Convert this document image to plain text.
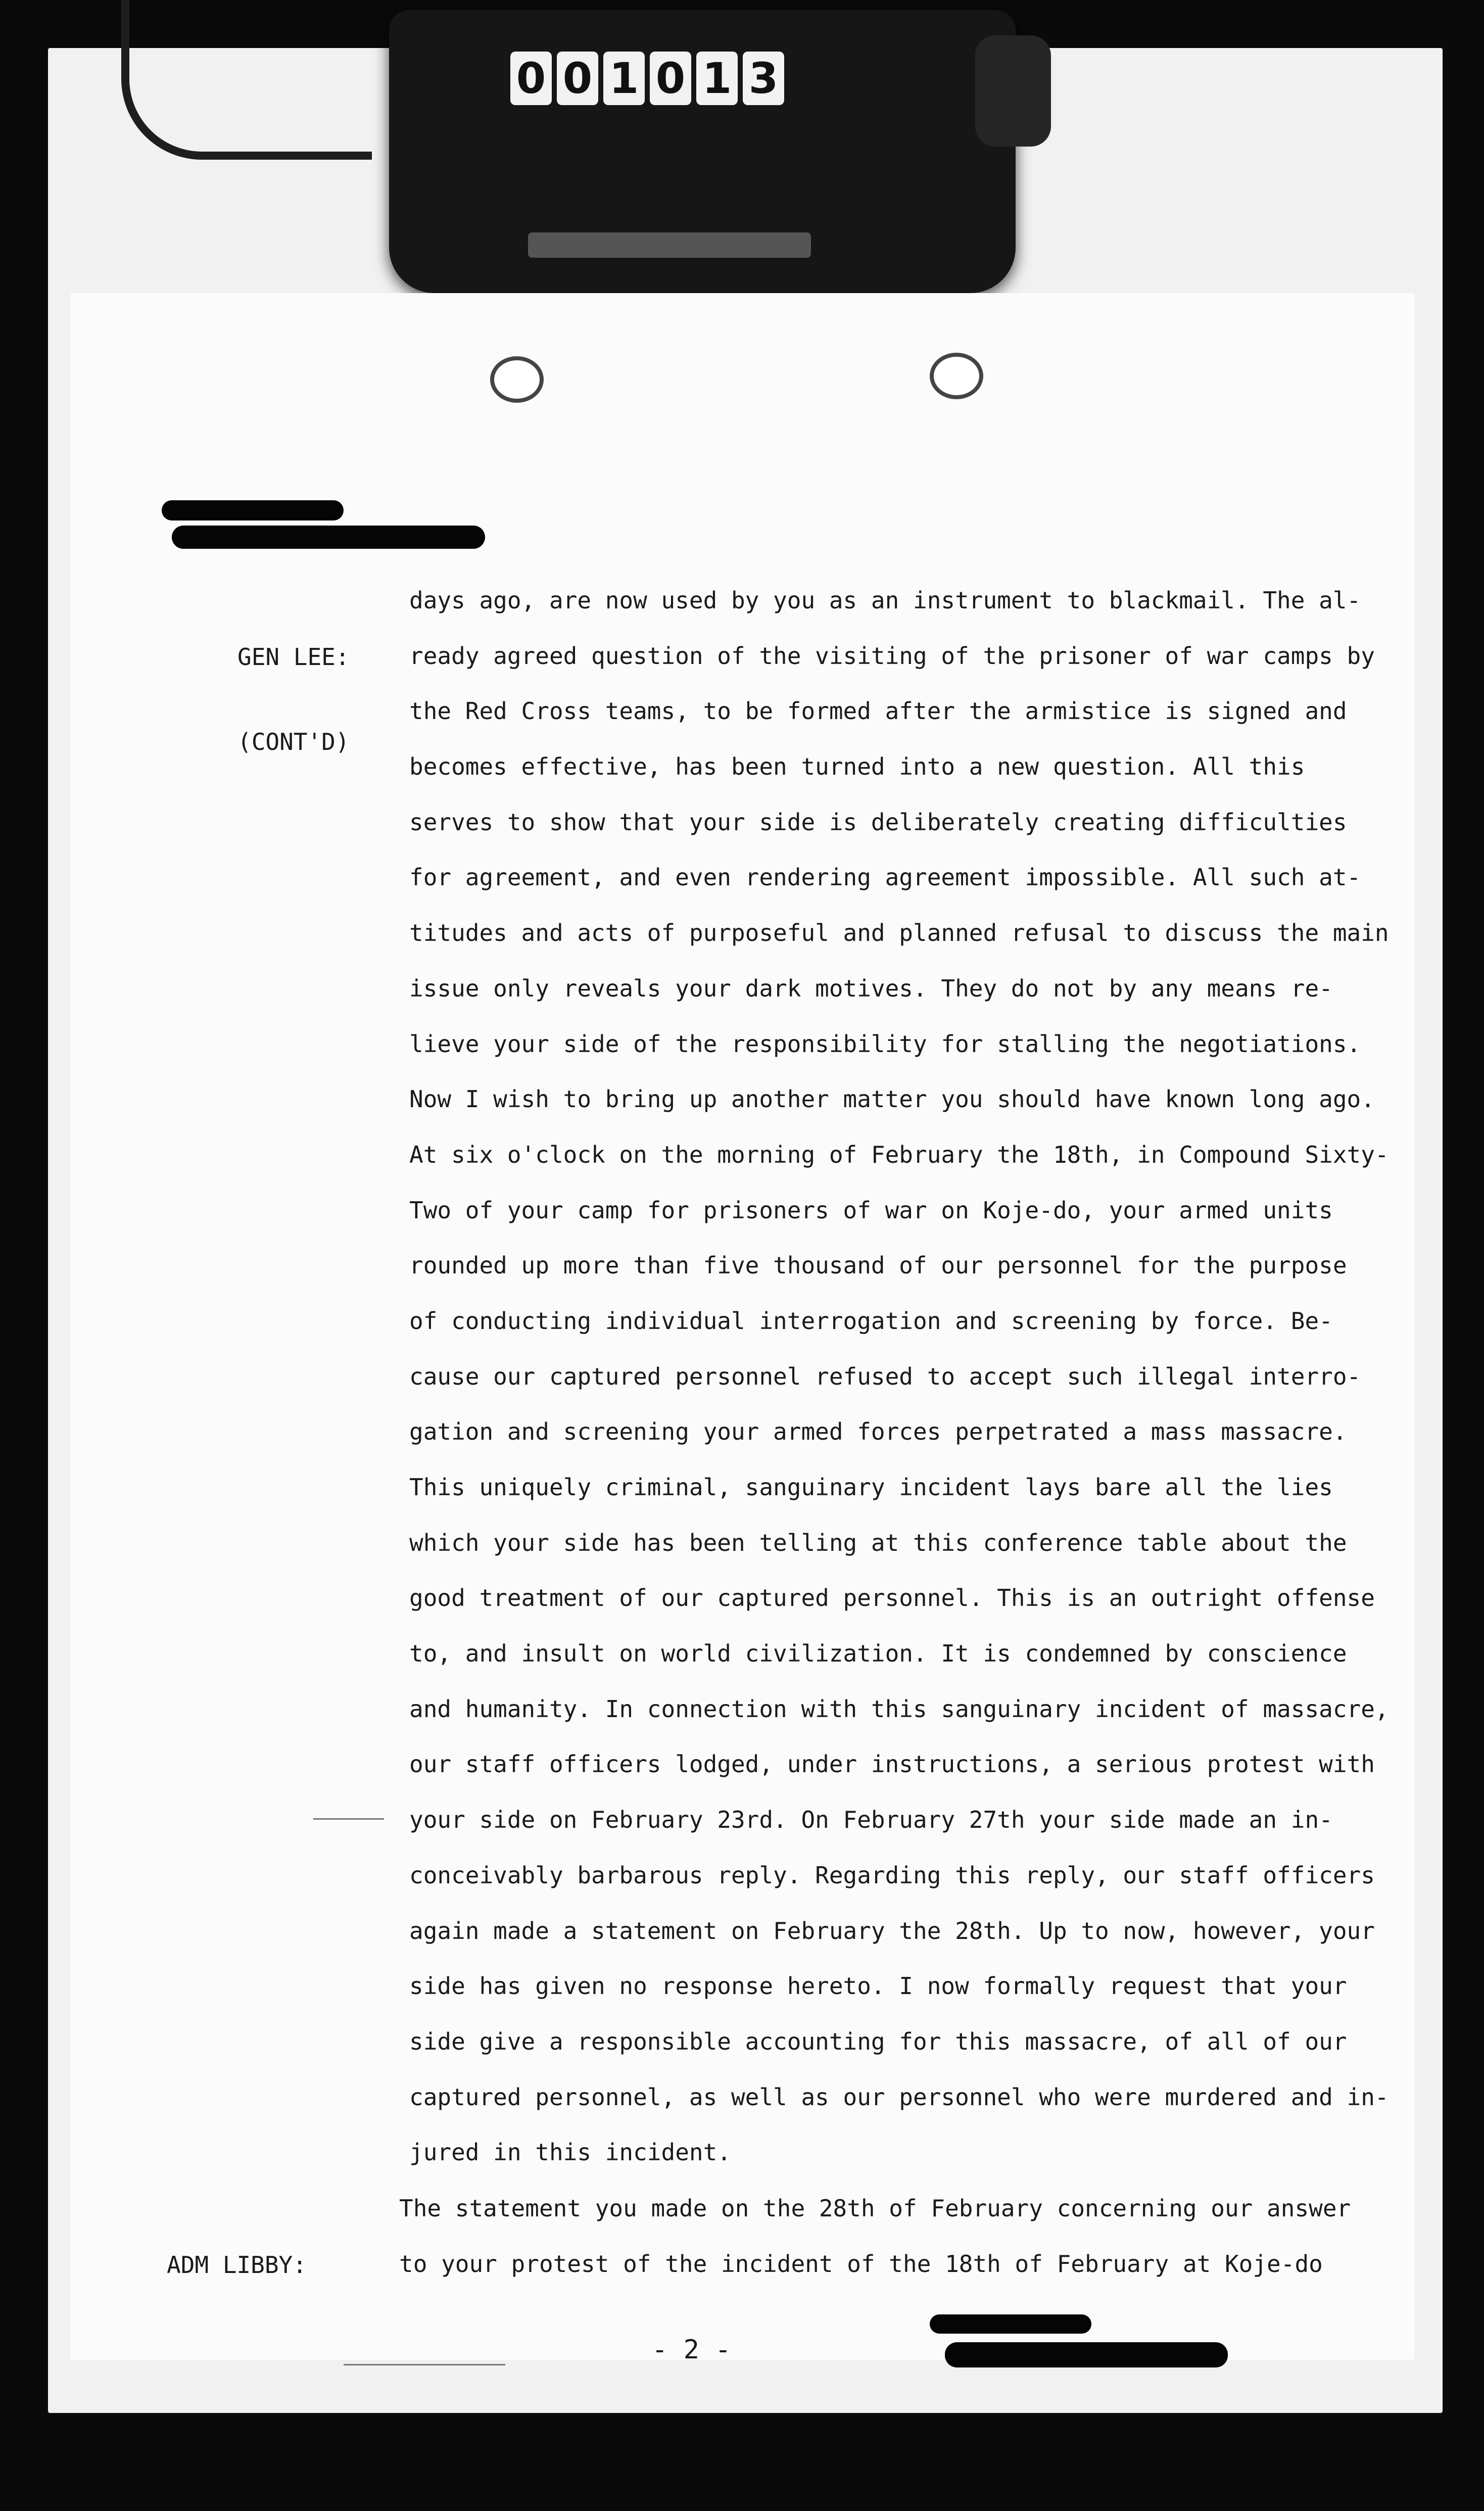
0 0 1 0 1 3

GEN LEE:

(CONT'D)

days ago, are now used by you as an instrument to blackmail. The al-
ready agreed question of the visiting of the prisoner of war camps by
the Red Cross teams, to be formed after the armistice is signed and
becomes effective, has been turned into a new question. All this
serves to show that your side is deliberately creating difficulties
for agreement, and even rendering agreement impossible. All such at-
titudes and acts of purposeful and planned refusal to discuss the main
issue only reveals your dark motives. They do not by any means re-
lieve your side of the responsibility for stalling the negotiations.
Now I wish to bring up another matter you should have known long ago.
At six o'clock on the morning of February the 18th, in Compound Sixty-
Two of your camp for prisoners of war on Koje-do, your armed units
rounded up more than five thousand of our personnel for the purpose
of conducting individual interrogation and screening by force. Be-
cause our captured personnel refused to accept such illegal interro-
gation and screening your armed forces perpetrated a mass massacre.
This uniquely criminal, sanguinary incident lays bare all the lies
which your side has been telling at this conference table about the
good treatment of our captured personnel. This is an outright offense
to, and insult on world civilization. It is condemned by conscience
and humanity. In connection with this sanguinary incident of massacre,
our staff officers lodged, under instructions, a serious protest with
your side on February 23rd. On February 27th your side made an in-
conceivably barbarous reply. Regarding this reply, our staff officers
again made a statement on February the 28th. Up to now, however, your
side has given no response hereto. I now formally request that your
side give a responsible accounting for this massacre, of all of our
captured personnel, as well as our personnel who were murdered and in-
jured in this incident.

ADM LIBBY:

The statement you made on the 28th of February concerning our answer
to your protest of the incident of the 18th of February at Koje-do
- 2 -
